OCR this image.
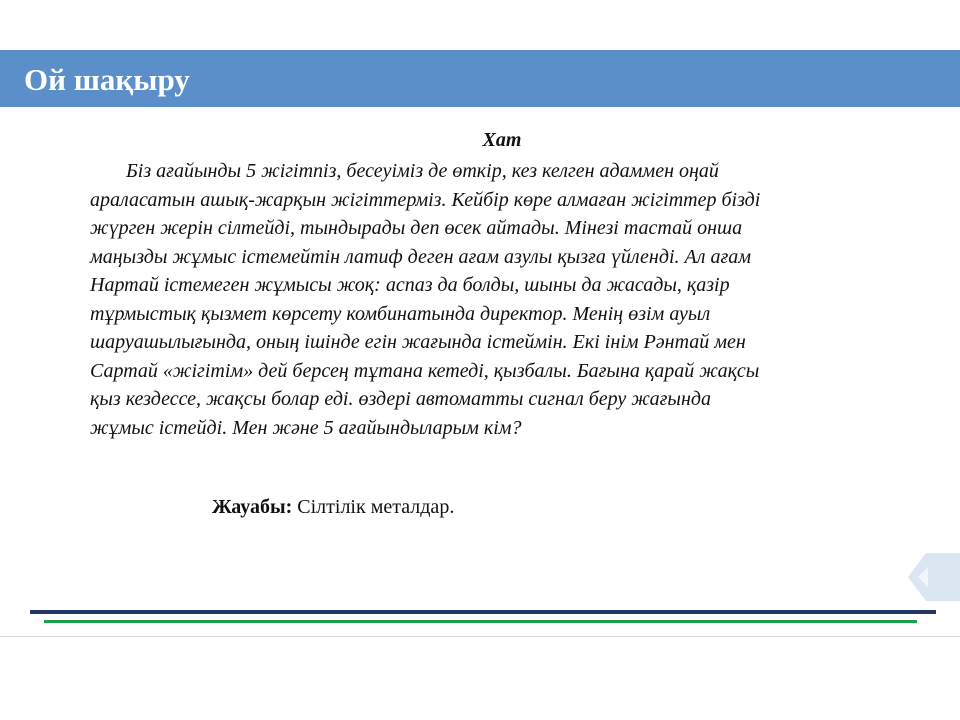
Ой шақыру
Хат
Біз ағайынды 5 жігітпіз, бесеуіміз де өткір, кез келген адаммен оңай
араласатын ашық-жарқын жігіттерміз. Кейбір көре алмаған жігіттер бізді
жүрген жерін сілтейді, тындырады деп өсек айтады. Мінезі тастай онша
маңызды жұмыс істемейтін латиф деген ағам азулы қызға үйленді. Ал ағам
Нартай істемеген жұмысы жоқ: аспаз да болды, шыны да жасады, қазір
тұрмыстық қызмет көрсету комбинатында директор. Менің өзім ауыл
шаруашылығында, оның ішінде егін жағында істеймін. Екі інім Рәнтай мен
Сартай «жігітім» дей берсең тұтана кетеді, қызбалы. Бағына қарай жақсы
қыз кездессе, жақсы болар еді. өздері автоматты сигнал беру жағында
жұмыс істейді. Мен және 5 ағайындыларым кім?
Жауабы: Сілтілік металдар.
